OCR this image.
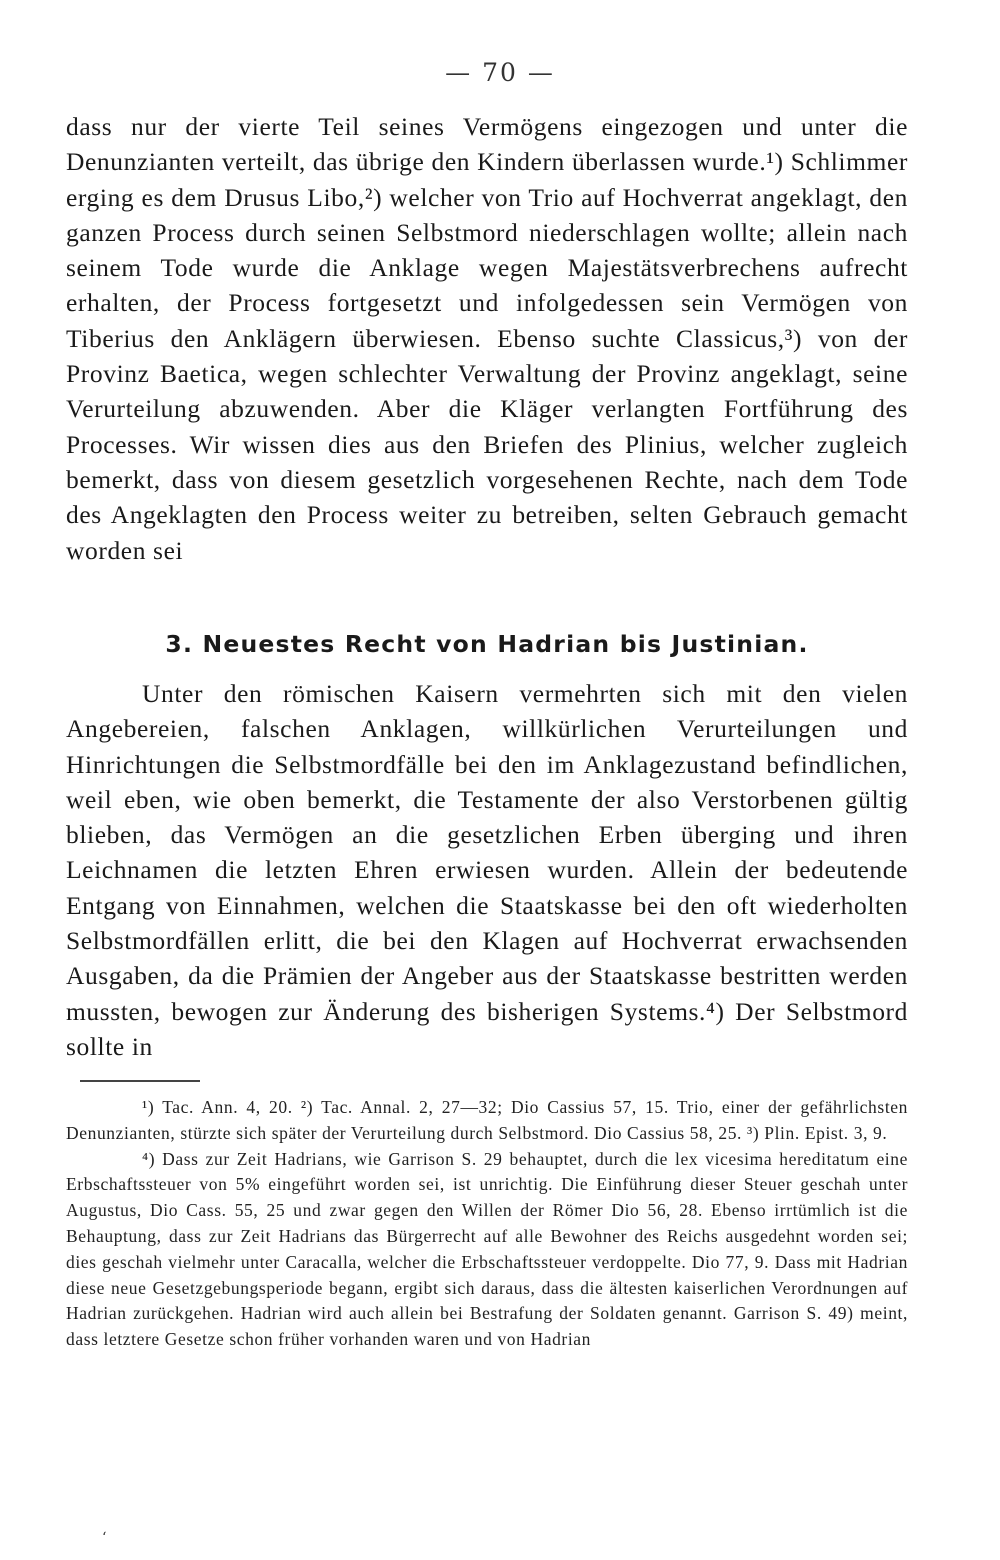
— 70 —

dass nur der vierte Teil seines Vermögens eingezogen und unter die Denunzianten verteilt, das übrige den Kindern überlassen wurde.¹) Schlimmer erging es dem Drusus Libo,²) welcher von Trio auf Hochverrat angeklagt, den ganzen Process durch seinen Selbstmord niederschlagen wollte; allein nach seinem Tode wurde die Anklage wegen Majestätsverbrechens aufrecht erhalten, der Process fortgesetzt und infolgedessen sein Vermögen von Tiberius den Anklägern überwiesen. Ebenso suchte Classicus,³) von der Provinz Baetica, wegen schlechter Verwaltung der Provinz angeklagt, seine Verurteilung abzuwenden. Aber die Kläger verlangten Fortführung des Processes. Wir wissen dies aus den Briefen des Plinius, welcher zugleich bemerkt, dass von diesem gesetzlich vorgesehenen Rechte, nach dem Tode des Angeklagten den Process weiter zu betreiben, selten Gebrauch gemacht worden sei

3. Neuestes Recht von Hadrian bis Justinian.

Unter den römischen Kaisern vermehrten sich mit den vielen Angebereien, falschen Anklagen, willkürlichen Verurteilungen und Hinrichtungen die Selbstmordfälle bei den im Anklagezustand befindlichen, weil eben, wie oben bemerkt, die Testamente der also Verstorbenen gültig blieben, das Vermögen an die gesetzlichen Erben überging und ihren Leichnamen die letzten Ehren erwiesen wurden. Allein der bedeutende Entgang von Einnahmen, welchen die Staatskasse bei den oft wiederholten Selbstmordfällen erlitt, die bei den Klagen auf Hochverrat erwachsenden Ausgaben, da die Prämien der Angeber aus der Staatskasse bestritten werden mussten, bewogen zur Änderung des bisherigen Systems.⁴) Der Selbstmord sollte in

¹) Tac. Ann. 4, 20. ²) Tac. Annal. 2, 27—32; Dio Cassius 57, 15. Trio, einer der gefährlichsten Denunzianten, stürzte sich später der Verurteilung durch Selbstmord. Dio Cassius 58, 25. ³) Plin. Epist. 3, 9.

⁴) Dass zur Zeit Hadrians, wie Garrison S. 29 behauptet, durch die lex vicesima hereditatum eine Erbschaftssteuer von 5% eingeführt worden sei, ist unrichtig. Die Einführung dieser Steuer geschah unter Augustus, Dio Cass. 55, 25 und zwar gegen den Willen der Römer Dio 56, 28. Ebenso irrtümlich ist die Behauptung, dass zur Zeit Hadrians das Bürgerrecht auf alle Bewohner des Reichs ausgedehnt worden sei; dies geschah vielmehr unter Caracalla, welcher die Erbschaftssteuer verdoppelte. Dio 77, 9. Dass mit Hadrian diese neue Gesetzgebungsperiode begann, ergibt sich daraus, dass die ältesten kaiserlichen Verordnungen auf Hadrian zurückgehen. Hadrian wird auch allein bei Bestrafung der Soldaten genannt. Garrison S. 49) meint, dass letztere Gesetze schon früher vorhanden waren und von Hadrian

ʻ
